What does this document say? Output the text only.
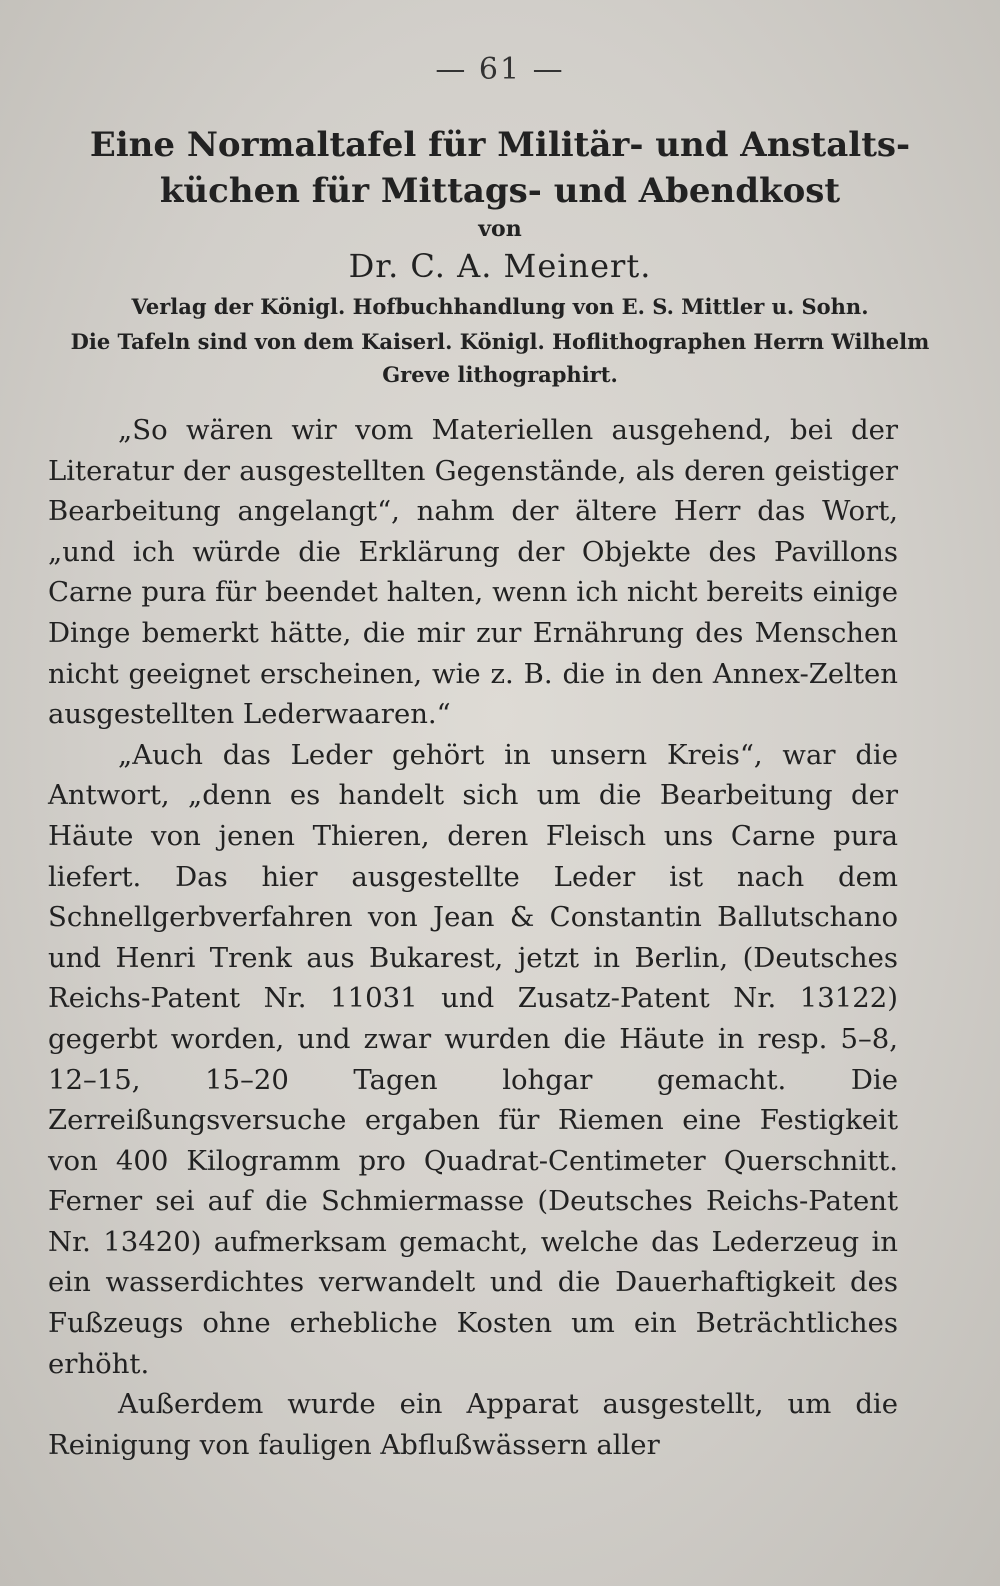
— 61 —

Eine Normaltafel für Militär- und Anstalts-küchen für Mittags- und Abendkost

von

Dr. C. A. Meinert.

Verlag der Königl. Hofbuchhandlung von E. S. Mittler u. Sohn.

Die Tafeln sind von dem Kaiserl. Königl. Hoflithographen Herrn Wilhelm Greve lithographirt.

„So wären wir vom Materiellen ausgehend, bei der Literatur der ausgestellten Gegenstände, als deren geistiger Bearbeitung angelangt“, nahm der ältere Herr das Wort, „und ich würde die Erklärung der Objekte des Pavillons Carne pura für beendet halten, wenn ich nicht bereits einige Dinge bemerkt hätte, die mir zur Ernährung des Menschen nicht geeignet erscheinen, wie z. B. die in den Annex-Zelten ausgestellten Lederwaaren.“

„Auch das Leder gehört in unsern Kreis“, war die Antwort, „denn es handelt sich um die Bearbeitung der Häute von jenen Thieren, deren Fleisch uns Carne pura liefert. Das hier ausgestellte Leder ist nach dem Schnellgerbverfahren von Jean & Constantin Ballutschano und Henri Trenk aus Bukarest, jetzt in Berlin, (Deutsches Reichs-Patent Nr. 11031 und Zusatz-Patent Nr. 13122) gegerbt worden, und zwar wurden die Häute in resp. 5–8, 12–15, 15–20 Tagen lohgar gemacht. Die Zerreißungsversuche ergaben für Riemen eine Festigkeit von 400 Kilogramm pro Quadrat-Centimeter Querschnitt. Ferner sei auf die Schmiermasse (Deutsches Reichs-Patent Nr. 13420) aufmerksam gemacht, welche das Lederzeug in ein wasserdichtes verwandelt und die Dauerhaftigkeit des Fußzeugs ohne erhebliche Kosten um ein Beträchtliches erhöht.

Außerdem wurde ein Apparat ausgestellt, um die Reinigung von fauligen Abflußwässern aller
